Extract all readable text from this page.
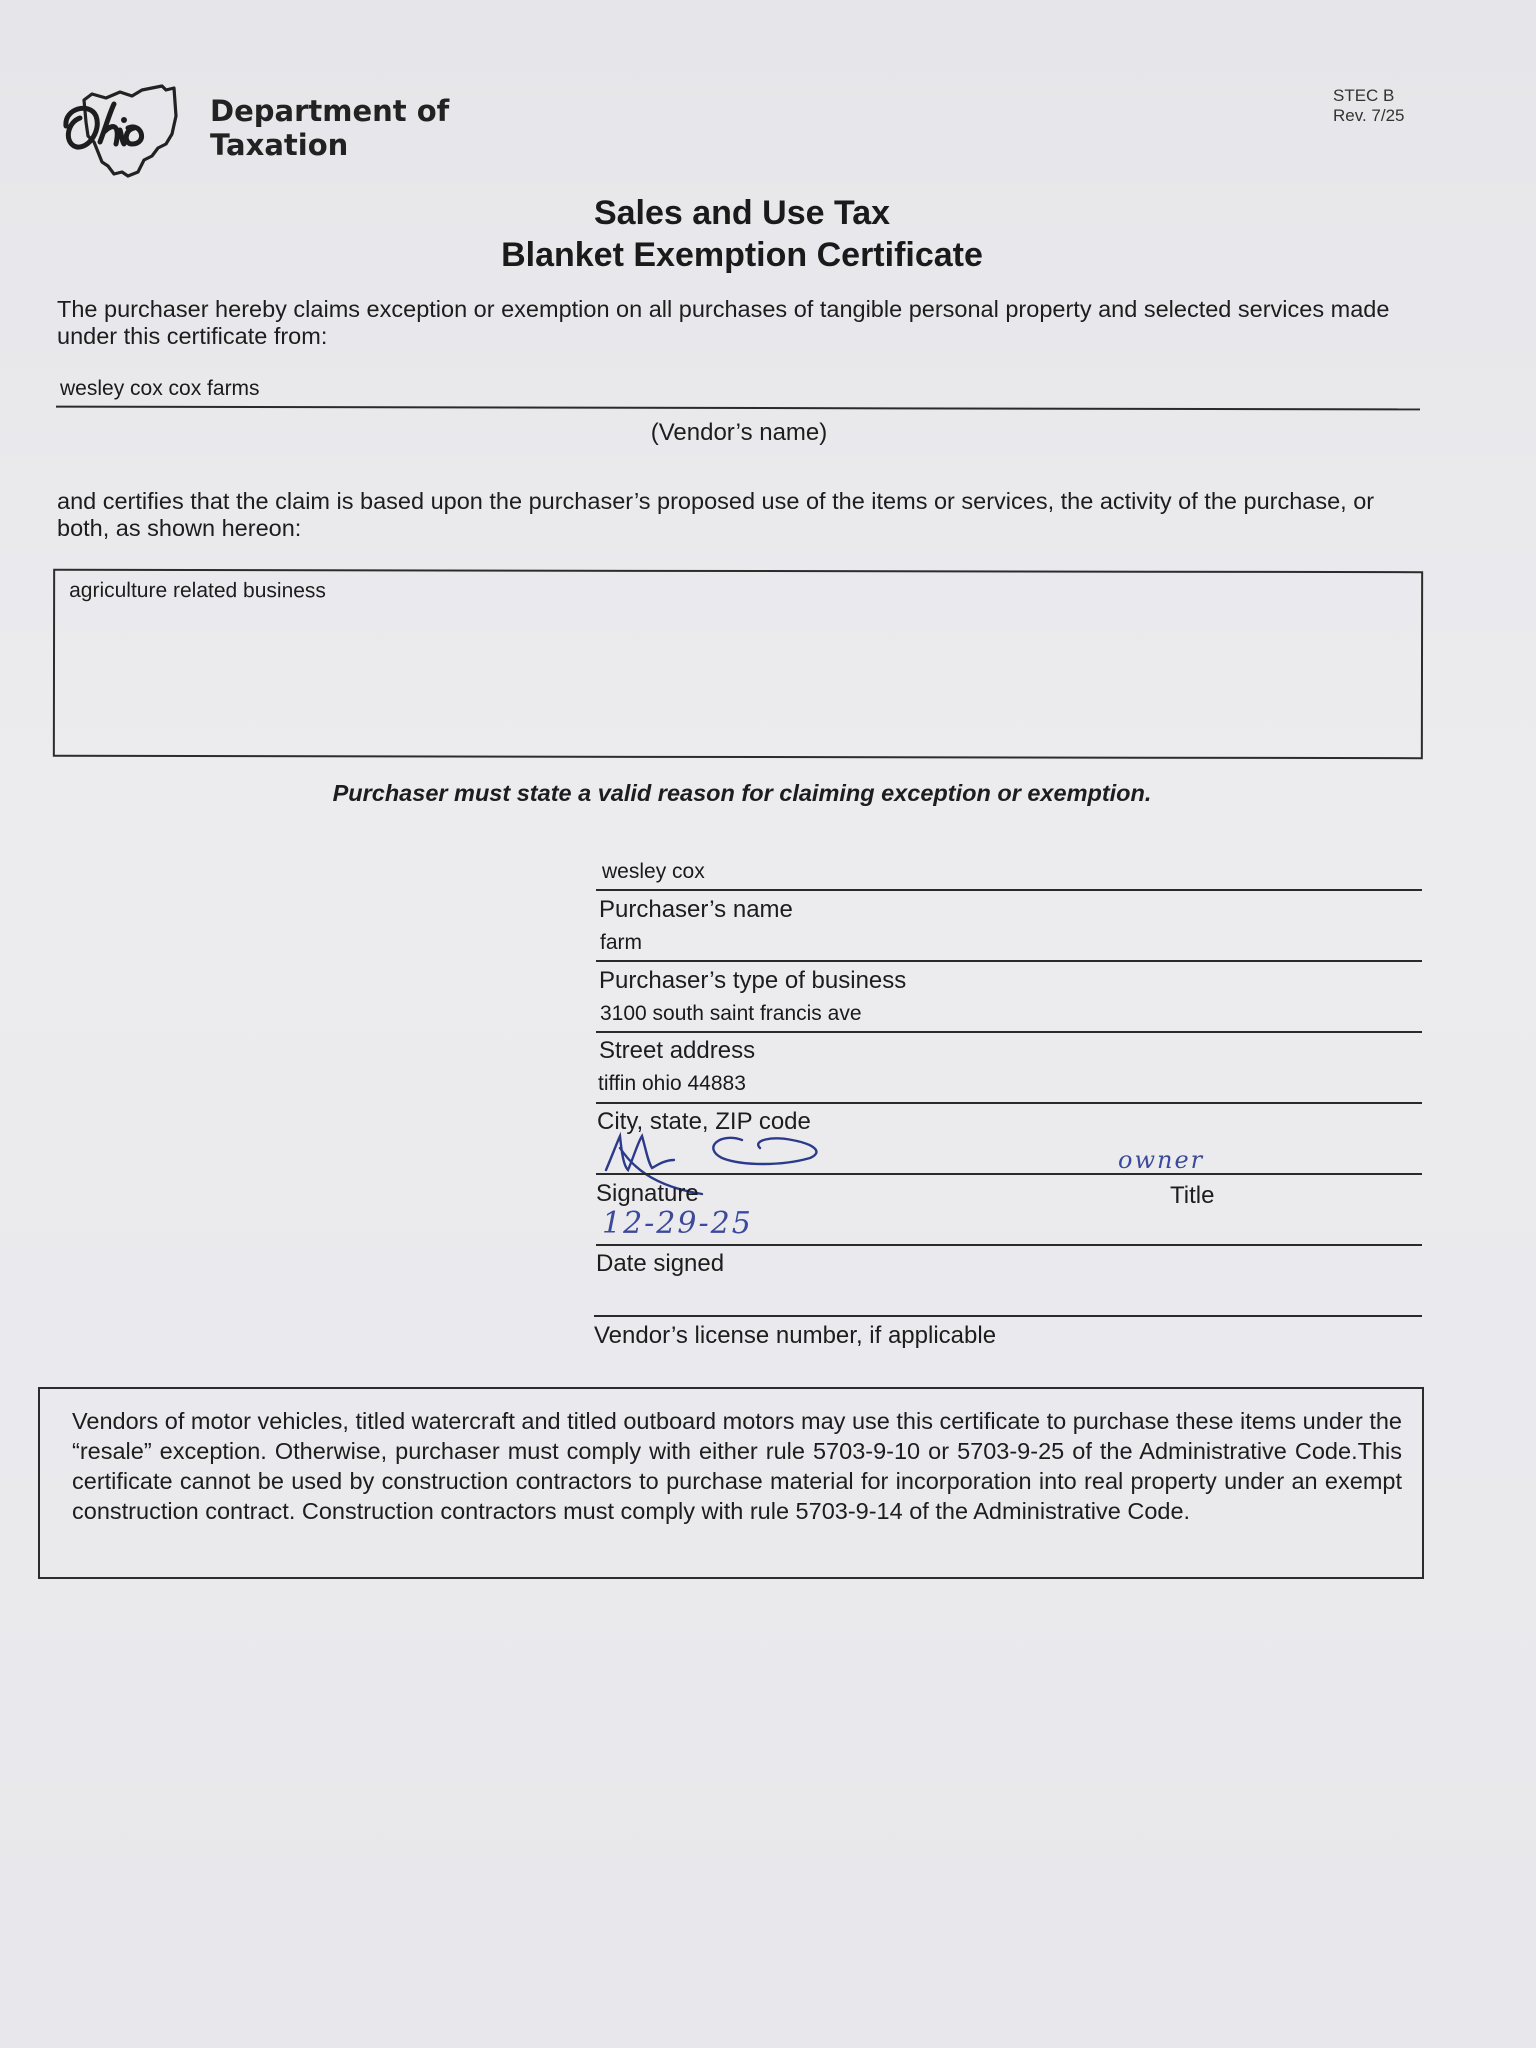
Ohio
Department of
Taxation
STEC B
Rev. 7/25
Sales and Use Tax
Blanket Exemption Certificate
The purchaser hereby claims exception or exemption on all purchases of tangible personal property and selected services made under this certificate from:
wesley cox cox farms
(Vendor’s name)
and certifies that the claim is based upon the purchaser’s proposed use of the items or services, the activity of the purchase, or both, as shown hereon:
agriculture related business
Purchaser must state a valid reason for claiming exception or exemption.
wesley cox
Purchaser’s name
farm
Purchaser’s type of business
3100 south saint francis ave
Street address
tiffin ohio 44883
City, state, ZIP code
owner
Signature	Title
12-29-25
Date signed
Vendor’s license number, if applicable
Vendors of motor vehicles, titled watercraft and titled outboard motors may use this certificate to purchase these items under the “resale” exception. Otherwise, purchaser must comply with either rule 5703-9-10 or 5703-9-25 of the Administrative Code.This certificate cannot be used by construction contractors to purchase material for incorporation into real property under an exempt construction contract. Construction contractors must comply with rule 5703-9-14 of the Administrative Code.
